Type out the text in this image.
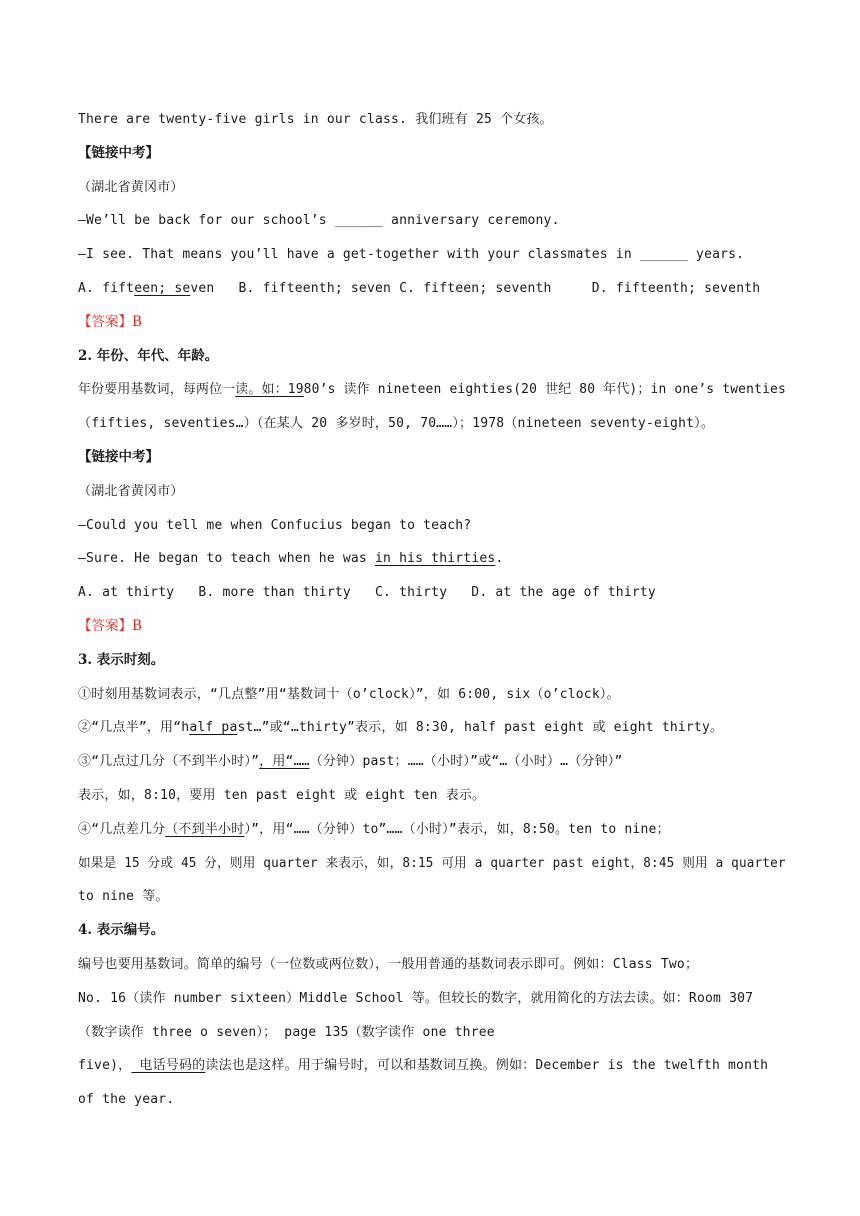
There are twenty-five girls in our class. 我们班有 25 个女孩。
【链接中考】
（湖北省黄冈市）
—We’ll be back for our school’s ______ anniversary ceremony.
—I see. That means you’ll have a get-together with your classmates in ______ years.
A. fifteen; seven   B. fifteenth; seven C. fifteen; seventh     D. fifteenth; seventh
【答案】B
2. 年份、年代、年龄。
年份要用基数词，每两位一读。如：1980’s 读作 nineteen eighties(20 世纪 80 年代)；in one’s twenties
（fifties, seventies…）（在某人 20 多岁时，50, 70……）；1978（nineteen seventy-eight）。
【链接中考】
（湖北省黄冈市）
—Could you tell me when Confucius began to teach?
—Sure. He began to teach when he was in his thirties.
A. at thirty   B. more than thirty   C. thirty   D. at the age of thirty
【答案】B
3. 表示时刻。
①时刻用基数词表示，“几点整”用“基数词十（o’clock）”，如 6:00, six（o’clock）。
②“几点半”，用“half past…”或“…thirty”表示，如 8:30, half past eight 或 eight thirty。
③“几点过几分（不到半小时）”，用“……（分钟）past；……（小时）”或“…（小时）…（分钟）”
表示，如，8:10，要用 ten past eight 或 eight ten 表示。
④“几点差几分（不到半小时）”，用“……（分钟）to”……（小时）”表示，如，8:50。ten to nine；
如果是 15 分或 45 分，则用 quarter 来表示，如，8:15 可用 a quarter past eight，8:45 则用 a quarter
to nine 等。
4. 表示编号。
编号也要用基数词。简单的编号（一位数或两位数），一般用普通的基数词表示即可。例如：Class Two；
No. 16（读作 number sixteen）Middle School 等。但较长的数字，就用简化的方法去读。如：Room 307
（数字读作 three o seven）； page 135（数字读作 one three
five)， 电话号码的读法也是这样。用于编号时，可以和基数词互换。例如：December is the twelfth month
of the year.
